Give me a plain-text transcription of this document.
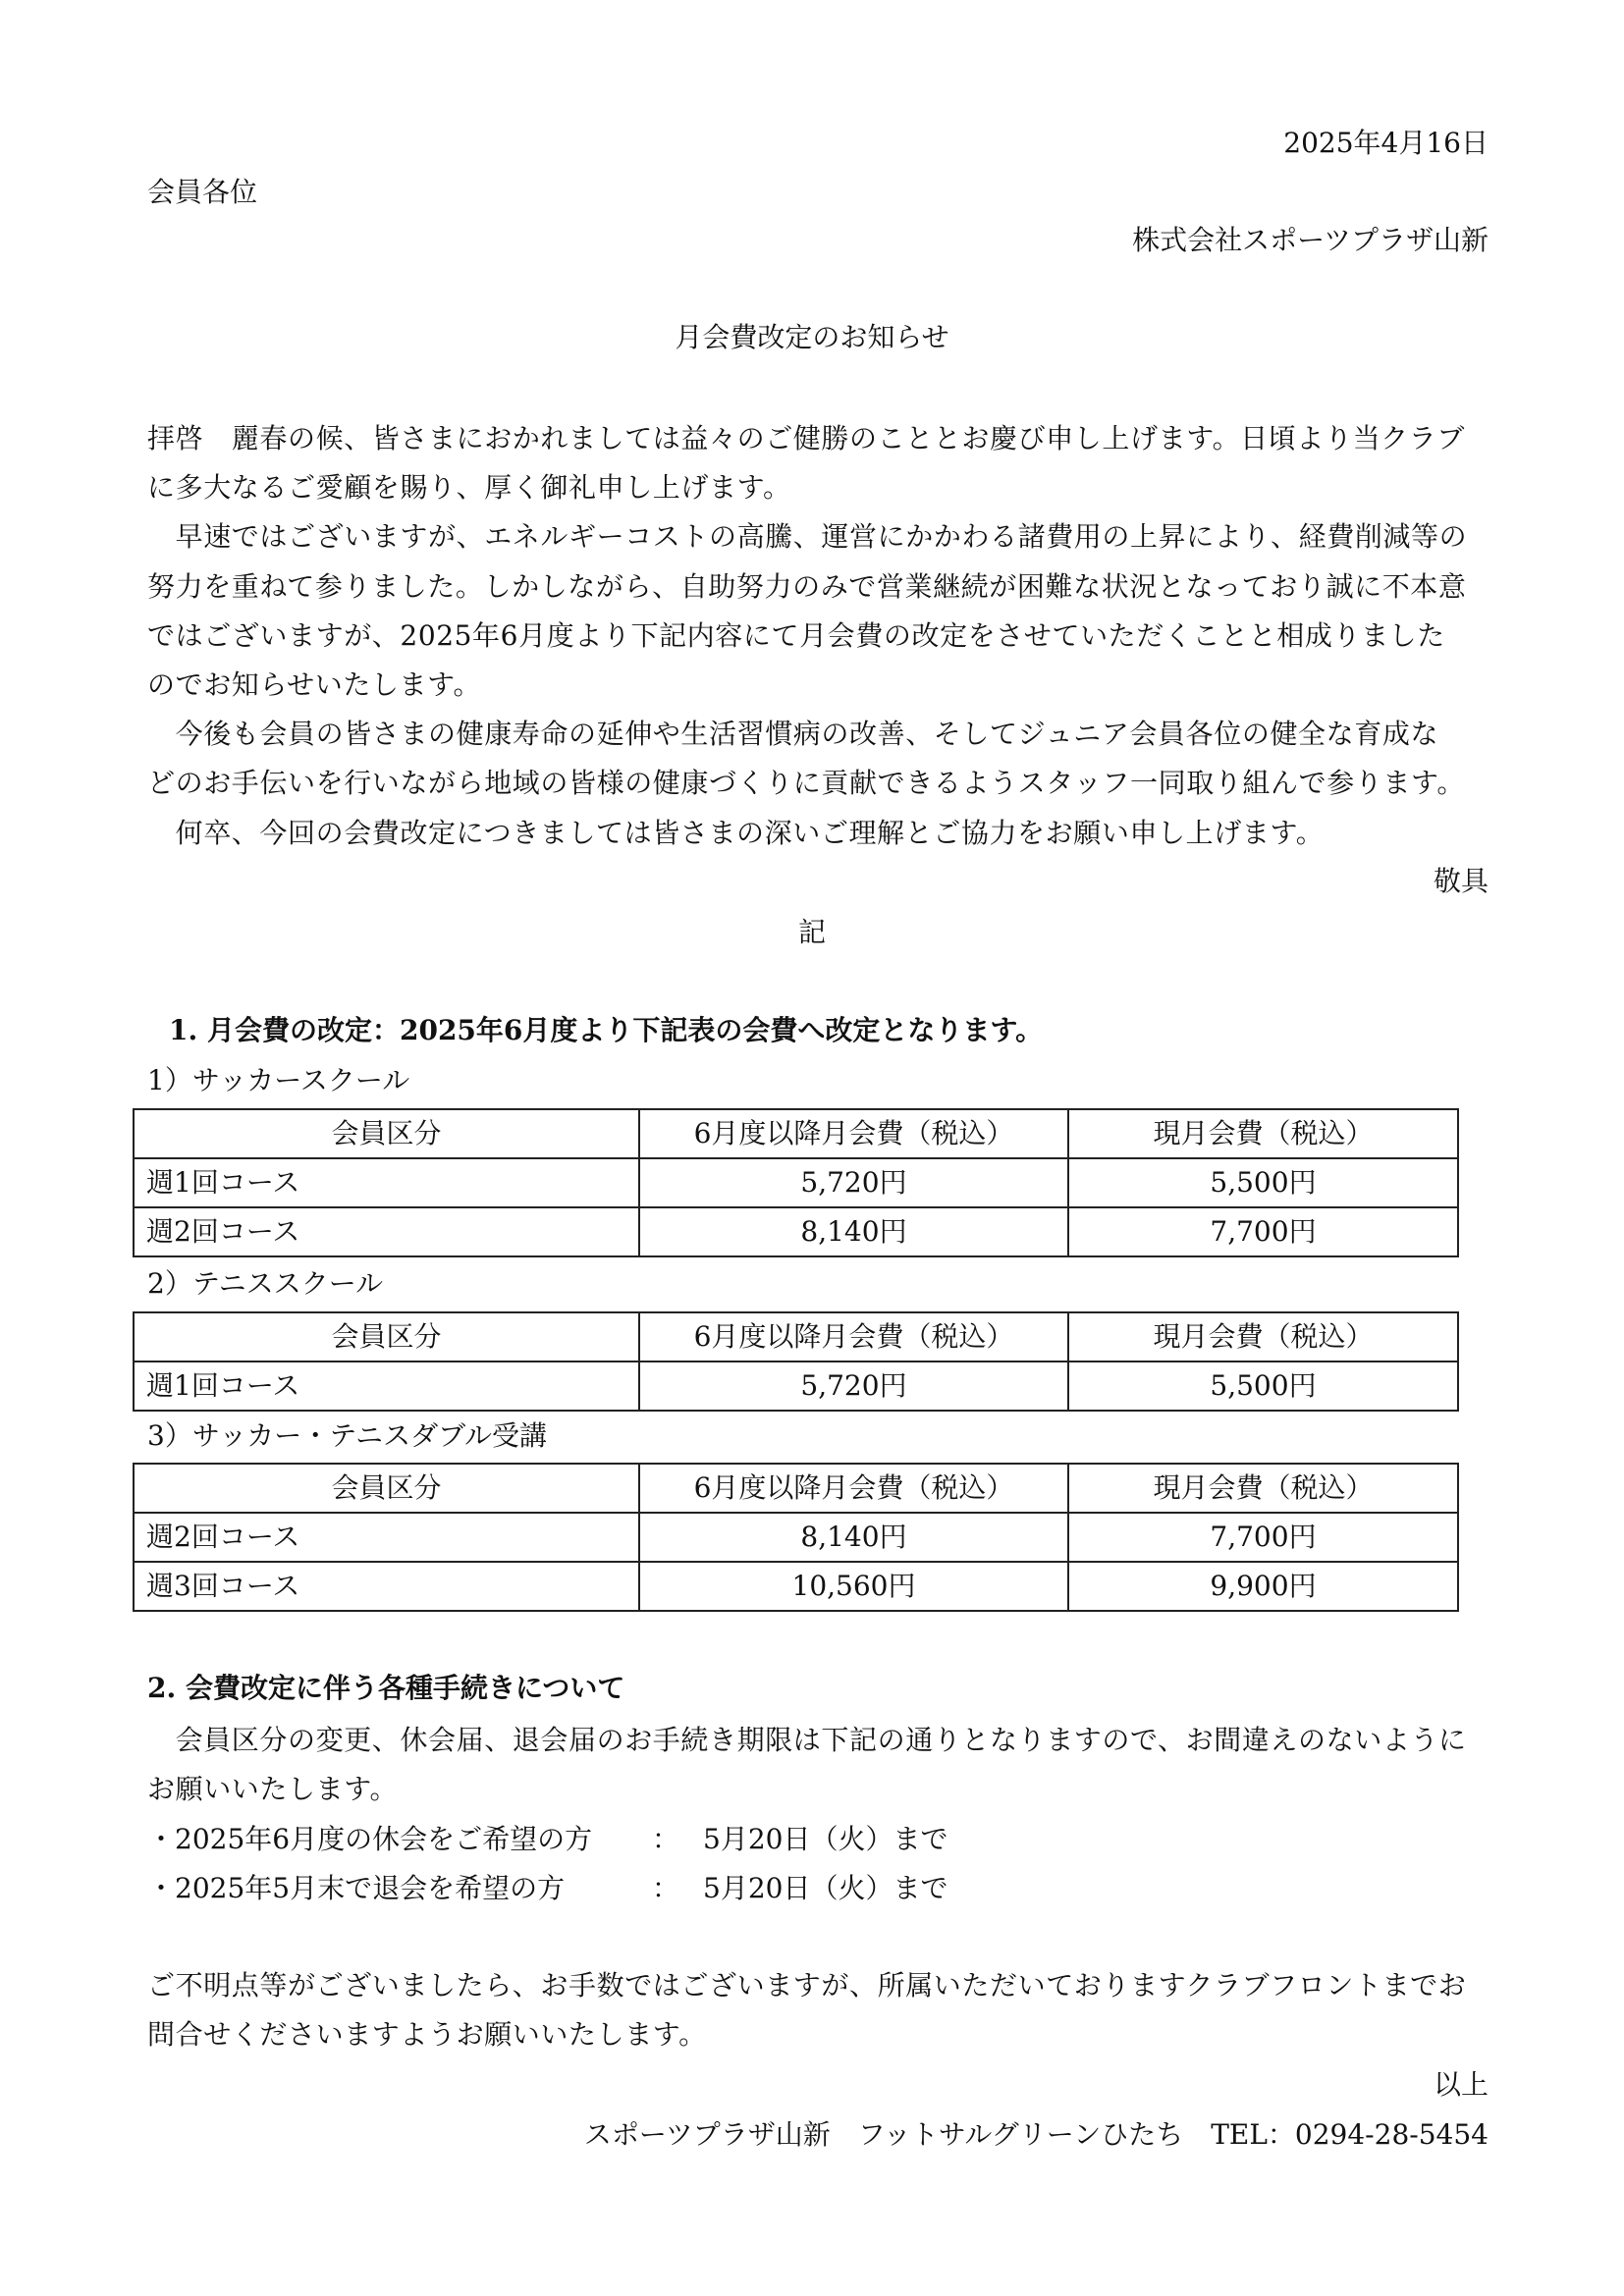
2025年4月16日
会員各位
株式会社スポーツプラザ山新
月会費改定のお知らせ
拝啓　麗春の候、皆さまにおかれましては益々のご健勝のこととお慶び申し上げます。日頃より当クラブ
に多大なるご愛顧を賜り、厚く御礼申し上げます。
　早速ではございますが、エネルギーコストの高騰、運営にかかわる諸費用の上昇により、経費削減等の
努力を重ねて参りました。しかしながら、自助努力のみで営業継続が困難な状況となっており誠に不本意
ではございますが、2025年6月度より下記内容にて月会費の改定をさせていただくことと相成りました
のでお知らせいたします。
　今後も会員の皆さまの健康寿命の延伸や生活習慣病の改善、そしてジュニア会員各位の健全な育成な
どのお手伝いを行いながら地域の皆様の健康づくりに貢献できるようスタッフ一同取り組んで参ります。
　何卒、今回の会費改定につきましては皆さまの深いご理解とご協力をお願い申し上げます。
敬具
記
1. 月会費の改定：2025年6月度より下記表の会費へ改定となります。
1）サッカースクール
会員区分	6月度以降月会費（税込）	現月会費（税込）
週1回コース	5,720円	5,500円
週2回コース	8,140円	7,700円
2）テニススクール
会員区分	6月度以降月会費（税込）	現月会費（税込）
週1回コース	5,720円	5,500円
3）サッカー・テニスダブル受講
会員区分	6月度以降月会費（税込）	現月会費（税込）
週2回コース	8,140円	7,700円
週3回コース	10,560円	9,900円
2. 会費改定に伴う各種手続きについて
　会員区分の変更、休会届、退会届のお手続き期限は下記の通りとなりますので、お間違えのないように
お願いいたします。
・2025年6月度の休会をご希望の方 ： 5月20日（火）まで
・2025年5月末で退会を希望の方	： 5月20日（火）まで
ご不明点等がございましたら、お手数ではございますが、所属いただいておりますクラブフロントまでお
問合せくださいますようお願いいたします。
以上
スポーツプラザ山新　フットサルグリーンひたち　TEL：0294-28-5454
